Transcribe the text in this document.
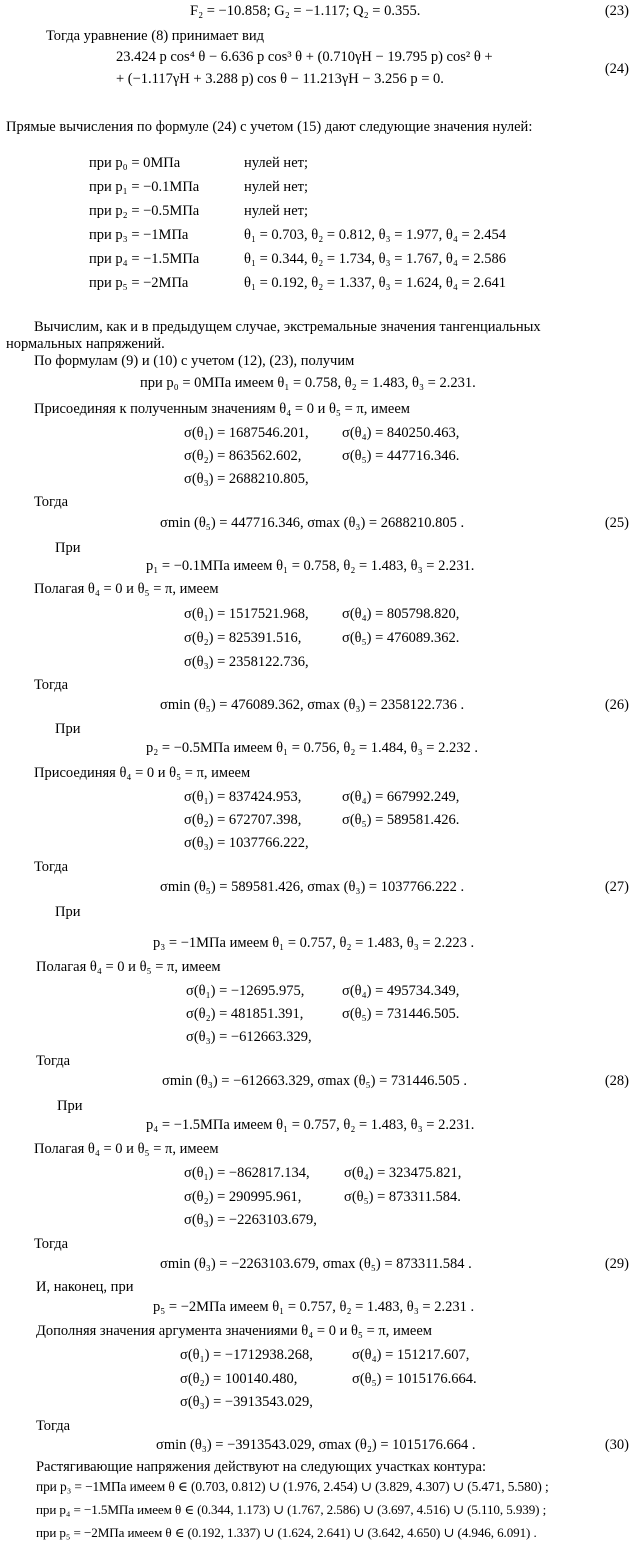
F₂ = −10.858; G₂ = −1.117; Q₂ = 0.355.	(23)
Тогда уравнение (8) принимает вид
23.424 p cos⁴ θ − 6.636 p cos³ θ + (0.710γH − 19.795 p) cos² θ +
+ (−1.117γH + 3.288 p) cos θ − 11.213γH − 3.256 p = 0.
(24)
Прямые вычисления по формуле (24) с учетом (15) дают следующие значения нулей:
при p₀ = 0МПа	нулей нет;
при p₁ = −0.1МПа	нулей нет;
при p₂ = −0.5МПа	нулей нет;
при p₃ = −1МПа	θ₁ = 0.703, θ₂ = 0.812, θ₃ = 1.977, θ₄ = 2.454
при p₄ = −1.5МПа	θ₁ = 0.344, θ₂ = 1.734, θ₃ = 1.767, θ₄ = 2.586
при p₅ = −2МПа	θ₁ = 0.192, θ₂ = 1.337, θ₃ = 1.624, θ₄ = 2.641
Вычислим, как и в предыдущем случае, экстремальные значения тангенциальных
нормальных напряжений.
По формулам (9) и (10) с учетом (12), (23), получим
при p₀ = 0МПа имеем θ₁ = 0.758, θ₂ = 1.483, θ₃ = 2.231.
Присоединяя к полученным значениям θ₄ = 0 и θ₅ = π, имеем
σ(θ₁) = 1687546.201, σ(θ₄) = 840250.463,
σ(θ₂) = 863562.602,	σ(θ₅) = 447716.346.
σ(θ₃) = 2688210.805,
Тогда
σmin (θ₅) = 447716.346, σmax (θ₃) = 2688210.805 .	(25)
При
p₁ = −0.1МПа имеем θ₁ = 0.758, θ₂ = 1.483, θ₃ = 2.231.
Полагая θ₄ = 0 и θ₅ = π, имеем
σ(θ₁) = 1517521.968, σ(θ₄) = 805798.820,
σ(θ₂) = 825391.516,	σ(θ₅) = 476089.362.
σ(θ₃) = 2358122.736,
Тогда
σmin (θ₅) = 476089.362, σmax (θ₃) = 2358122.736 .	(26)
При
p₂ = −0.5МПа имеем θ₁ = 0.756, θ₂ = 1.484, θ₃ = 2.232 .
Присоединяя θ₄ = 0 и θ₅ = π, имеем
σ(θ₁) = 837424.953,	σ(θ₄) = 667992.249,
σ(θ₂) = 672707.398,	σ(θ₅) = 589581.426.
σ(θ₃) = 1037766.222,
Тогда
σmin (θ₅) = 589581.426, σmax (θ₃) = 1037766.222 .	(27)
При
p₃ = −1МПа имеем θ₁ = 0.757, θ₂ = 1.483, θ₃ = 2.223 .
Полагая θ₄ = 0 и θ₅ = π, имеем
σ(θ₁) = −12695.975,	σ(θ₄) = 495734.349,
σ(θ₂) = 481851.391,	σ(θ₅) = 731446.505.
σ(θ₃) = −612663.329,
Тогда
σmin (θ₃) = −612663.329, σmax (θ₅) = 731446.505 .	(28)
При
p₄ = −1.5МПа имеем θ₁ = 0.757, θ₂ = 1.483, θ₃ = 2.231.
Полагая θ₄ = 0 и θ₅ = π, имеем
σ(θ₁) = −862817.134, σ(θ₄) = 323475.821,
σ(θ₂) = 290995.961,	σ(θ₅) = 873311.584.
σ(θ₃) = −2263103.679,
Тогда
σmin (θ₃) = −2263103.679, σmax (θ₅) = 873311.584 .	(29)
И, наконец, при
p₅ = −2МПа имеем θ₁ = 0.757, θ₂ = 1.483, θ₃ = 2.231 .
Дополняя значения аргумента значениями θ₄ = 0 и θ₅ = π, имеем
σ(θ₁) = −1712938.268,	σ(θ₄) = 151217.607,
σ(θ₂) = 100140.480,	σ(θ₅) = 1015176.664.
σ(θ₃) = −3913543.029,
Тогда
σmin (θ₃) = −3913543.029, σmax (θ₂) = 1015176.664 .	(30)
Растягивающие напряжения действуют на следующих участках контура:
при p₃ = −1МПа имеем θ ∈ (0.703, 0.812) ∪ (1.976, 2.454) ∪ (3.829, 4.307) ∪ (5.471, 5.580) ;
при p₄ = −1.5МПа имеем θ ∈ (0.344, 1.173) ∪ (1.767, 2.586) ∪ (3.697, 4.516) ∪ (5.110, 5.939) ;
при p₅ = −2МПа имеем θ ∈ (0.192, 1.337) ∪ (1.624, 2.641) ∪ (3.642, 4.650) ∪ (4.946, 6.091) .
